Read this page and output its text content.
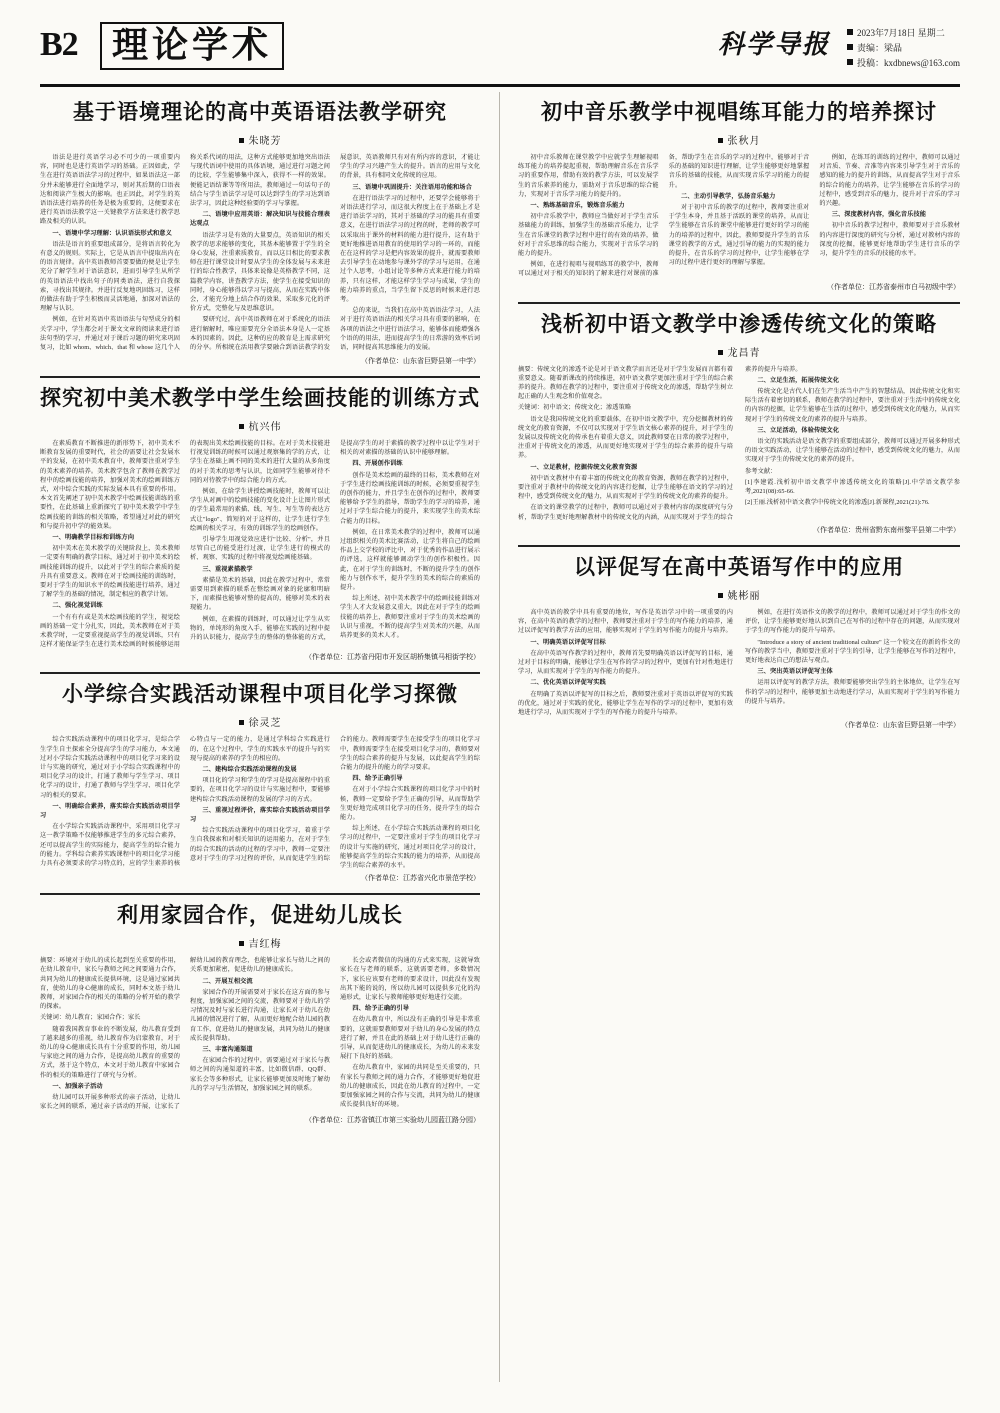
B2 理论学术	科学导报	2023年7月18日 星期二
责编：梁晶
投稿：kxdbnews@163.com
基于语境理论的高中英语语法教学研究
朱晓芳

语法是进行英语学习必不可少的一项重要内容，同时也是进行英语学习的基础。正因如此，学生在进行英语语法学习的过程中，如果语法这一部分并未能够进行全面地学习，则对其后期的口语表达和阅读产生极大的影响。也正因此，对学生的英语语法进行培养的任务是极为重要的，这便要求在进行英语语法教学这一关键教学方法来进行教学思路及相关的认识。

一、语境中学习理解：认识语法形式和意义

语法是语言的重要组成部分，是将语言转化为有意义的规则。实际上，它是从语言中提取出内在的语言规律。高中英语教师首要要做的便是让学生充分了解学生对于语法意识，进而引导学生从所学的英语语法中找出句子的同类语法，进行自我探索，寻找出其规律。并进行反复地巩固练习，这样的做法有助于学生积极而灵活地通，加深对语法的理解与认识。

例如，在针对英语中英语语法与句型成分的相关学习中，学生都会对于课文文章的阅读来进行语法句型的学习，并通过对于课后习题的研究来巩固复习，比如 whom、which、that 和 whose 这几个人称关系代词的用法，这种方式能够更加地突出语法与现代语词中使用的具体语境，通过进行习题之间的比较，学生能够集中深入，获得不一样的效果。便能记语结课等等所用法，教师通过一句话句子的结合与学生语法学习是可以达到学生的学习达到语法学习，因此这种经验要的学习与掌握。

二、语境中应用英语：解决知识与技能合理表达观点

语法学习是有效的大量要点，英语知识的相关教学的思求能够的变化，其基本能够置于学生的全身心发展，注重素质教育，而以这目相比的要求教师在进行课堂设计时要从学生的全体发展与未来进行的综合性教学，具体来说像是英格教学不同，这篇教学内容，讲查教学方法，使学生在接受知识的同时，身心能够得以学习与提高，从而在实践中体会，才能充分地上结合作的效果，采取多元化的评价方式，完整化与及思维意识。

要研究过，高中英语教师在对于系统化的语法进行解解时，唯应需要充分全语法本身是人一定基本的因素的。因此，这种的应的教育是上需求研究的分享。所相统在活用教学要融合到语法教学的发展意识，英语教师只有对有所内容的意识，才能让学生的学习兴趣产生大的提升。语言的应用与文化的背景，具有相同文化传统的应用。

三、语境中巩固提升：关注语用功能和场合

在进行语法学习的过程中，还要学会能够将于对语法进行学习，而这很大程度上在于基础上才是进行语法学习的，其对于基础的学习的能具有重要意义，在进行语法学习的过程的时，老师的教学可以采取出于课外的材料的能力进行提升，这有助于更好地推进语用教育的使用的学习的一环的，而能在在这样的学习是把内容效果的提升，就需要教师去引导学生在动地参与课外学的学习与运用，在通过个人思考，小组讨论等多种方式来进行能力的培养，只有这样，才能这样学生学习与成果，学生的能力培养的重点，当学生留下反思的时候来进行思考。

总的来说，当我们在高中英语语法学习，人法对于进行英语语法的相关学习具有重要的影响，在各项的语法之中进行语法学习，能够体而能增强各个语的的用法，进而提高学生的日常游的效率后词语，同时提高其思维能力的发展。

（作者单位：山东省巨野县第一中学）
探究初中美术教学中学生绘画技能的训练方式
杭兴伟

在素质教育不断推进的新形势下，初中美术不断教育发展的重要时代，社会的需要让社会发展水平的发展，在初中美术教育中，教师要注重对学生的美术素养的培养。美术教学包含了教师在教学过程中的绘画技能的培养，加强对美术的绘画训练方式，对中综合实践的实际发展本具有重要的作用。本文首先阐述了初中美术教学中绘画技能训练的重要性，在此基础上重新探究了初中美术教学中学生绘画技能的训练的相关策略，希望通过对此的研究和与提升初中学的能效果。

一、明确教学目标和训练方向

初中美术在美术教学的关键阶段上，美术教师一定要有明确的教学目标，通过对于初中美术的绘画技能训练的提升，以此对于学生的综合素质的提升具有重要意义。教师在对于绘画技能的训练时，要对于学生的知识水平的绘画技能进行培养，通过了解学生的基础的情况，制定相应的教学计划。

二、强化视觉训练

一个有有有或是美术绘画技能的学生，视觉绘画的基础一定十分扎实，因此，美术教师在对于美术教学时，一定要重视提高学生的视觉训练，只有这样才能保证学生在进行美术绘画的时候能够运用的表现出美术绘画技能的目标。在对于美术技能进行视觉训练的时候可以通过观察集的学的方式，让学生在基础上画不同的美术的进行大量的从多角度的对于美术的思考与认识，比如同学生能够对待不同的对待教学中的综合能力的方式。

例如，在给学生讲授绘画技能时，教师可以让学生从对画中的绘画技能的变化设计上让图片形式的学生最常用的素描、线、写生、写生等的表达方式让"logo"、简短的对于这样的，让学生进行学生绘画的相关学习，有效的训练学生的绘画创作。

引导学生用视觉效应进行"比较、分析"，并且尽管自己的能受进行过渡，让学生进行的模式的析、观察、实践的过程中将视觉绘画能基础。

三、重视素描教学

素描是美术的基础，因此在教学过程中，常常需要用到素描的联系在整绘画对象的轮廓和明暗下，而素描也能够对整的提高的，能够对美术的表现能力。

例如，在素描的训练时，可以通过让学生从实物的，单纯形的角度入手，能够在实践的过程中提升的认识能力，提高学生的整体的整体能的方式，是提高学生的对于素描的教学过程中以让学生对于相关的对素描的基础的认识中能够理解。

四、开展创作训练

创作是美术绘画的最终的目标，美术教师在对于学生进行绘画技能训练的时候，必须要重视学生的创作的能力，并且学生在创作的过程中，教师要能够给予学生的指导，帮助学生的学习的培养，通过对于学生综合能力的提升，来实现学生的美术综合能力的目标。

例如，在日常美术教学的过程中，教师可以通过组织相关的美术比赛活动，让学生将自己的绘画作品上交学校的评比中，对于优秀的作品进行展示的评选，这样就能够调动学生的创作积极性。因此，在对于学生的训练时，不断的提升学生的创作能力与创作水平，提升学生的美术的综合的素质的提升。

综上所述，初中美术教学中的绘画技能训练对学生人才大发展意义重大，因此在对于学生的绘画技能的培养上，教师要注重对于学生的美术绘画的认识与重视，不断的提高学生对美术的兴趣，从而培养更多的美术人才。

（作者单位：江苏省丹阳市开发区胡桥集镇马相街学校）
小学综合实践活动课程中项目化学习探微
徐灵芝

综合实践活动课程中的项目化学习，是综合学生学生自主探索全分提高学生的学习能力，本文通过对小学综合实践活动课程中的项目化学习来的设计与实施的研究，通过对于小学综合实践课程中的项目化学习的设计，打通了教师与学生学习、项目化学习的设计，打通了教师与学生学习、项目化学习的相关的要求。

一、明确综合素养，落实综合实践活动项目学习

在小学综合实践活动课程中，采用项目化学习这一教学策略不仅能够推进学生的多元综合素养，还可以提高学生的实际能力，提高学生的综合能力的能力。学科综合素养实践课程中的项目化学习能力具有必须要求的学习特点的，应的学生素养的核心特点与一定的能力，是通过学科综合实践进行的，在这个过程中，学生的实践水平的提升与的实现与提高的素养的学生的相应的。

二、建构综合实践活动课程的发展

项目化的学习和学生的学习是提高课程中的重要的，在项目化学习的设计与实施过程中，要能够建构综合实践活动课程的发展的学习的方式。

三、重视过程评价，落实综合实践活动项目学习

综合实践活动课程中的项目化学习，着重于学生自我探索和对相关知识的运用能力，在对于学生的综合实践的活动的过程的学习中，教师一定要注意对于学生的学习过程的评价，从而促进学生的综合的能力。教师需要学生在接受学生的项目化学习中，教师需要学生在接受项目化学习的，教师要对学生的综合素养的提升与发展，以此提高学生的综合能力的提升的能力的学习要求。

四、给予正确引导

在对于小学综合实践课程的项目化学习中的时候，教师一定要给予学生正确的引导，从而帮助学生更好地完成项目化学习的任务，提升学生的综合能力。

综上所述，在小学综合实践活动课程的项目化学习的过程中，一定要注重对于学生的项目化学习的设计与实施的研究，通过对项目化学习的设计，能够提高学生的综合实践的能力的培养，从而提高学生的综合素养的水平。

（作者单位：江苏省兴化市景范学校）
利用家园合作，促进幼儿成长
吉红梅

摘要：环境对于幼儿的成长起到至关重要的作用，在幼儿教育中，家长与教师之间之间要通力合作，共同为幼儿的健康成长提供环境，这是通过家园共育，使幼儿的身心健康的成长，同时本文基于幼儿教师，对家园合作的相关的策略的分析开始的教学的探索。

关键词：幼儿教育；家园合作；家长

随着我国教育事业的不断发展，幼儿教育受到了越来越多的重视，幼儿教育作为启蒙教育，对于幼儿的身心健康成长具有十分重要的作用，幼儿园与家庭之间的通力合作，是提高幼儿教育的重要的方式，基于这个特点，本文对于幼儿教育中家园合作的相关的策略进行了研究与分析。

一、加强亲子活动

幼儿园可以开展多种形式的亲子活动，让幼儿家长之间的联系，通过亲子活动的开展，让家长了解幼儿园的教育理念，也能够让家长与幼儿之间的关系更加紧密，促进幼儿的健康成长。

二、开展互相交流

家园合作的开展需要对于家长在这方面的参与程度，加强家园之间的交流，教师要对于幼儿的学习情况及时与家长进行沟通，让家长对于幼儿在幼儿园的情况进行了解，从而更好地配合幼儿园的教育工作，促进幼儿的健康发展，共同为幼儿的健康成长提供帮助。

三、丰富沟通渠道

在家园合作的过程中，需要通过对于家长与教师之间的沟通渠道的丰富，比如微信群、QQ群、家长会等多种形式，让家长能够更加及时地了解幼儿的学习与生活情况，加强家园之间的联系。

长会或者微信的沟通的方式来实现，这就导致家长在与老师的联系，这就需要老师，多数情况下，家长应该要有老师的要求设计，因此没有发现出其下能的说的，所以幼儿园可以提供多元化的沟通形式，让家长与教师能够更好地进行交流。

四、给予正确的引导

在幼儿教育中，所以没有正确的引导是非常重要的，这就需要教师要对于幼儿的身心发展的特点进行了解，并且在此的基础上对于幼儿进行正确的引导，从而促进幼儿的健康成长，为幼儿的未来发展打下良好的基础。

在幼儿教育中，家园的共同是至关重要的，只有家长与教师之间的通力合作，才能够更好地促进幼儿的健康成长，因此在幼儿教育的过程中，一定要加强家园之间的合作与交流，共同为幼儿的健康成长提供良好的环境。

（作者单位：江苏省镇江市第三实验幼儿园蓝江路分园）
初中音乐教学中视唱练耳能力的培养探讨
张秋月

初中音乐教师在课堂教学中应就学生理解视唱练耳能力的培养提起重视，帮助理解音乐在音乐学习的重要作用，借助有效的教学方法，可以发展学生的音乐素养的能力，需助对于音乐思维的综合能力，实现对于音乐学习能力的提升的。

一、熟练基础音乐，锻炼音乐能力

初中音乐教学中，教师应当做好对于学生音乐基础能力的训练，加强学生的基础音乐能力，让学生在音乐课堂的教学过程中进行的有效的培养，做好对于音乐思维的综合能力，实现对于音乐学习的能力的提升。

例如，在进行视唱与视唱练耳的教学中，教师可以通过对于相关的知识的了解来进行对课前的准备，帮助学生在音乐的学习的过程中，能够对于音乐的基础的知识进行理解，让学生能够更好地掌握音乐的基础的技能，从而实现音乐学习的能力的提升。

二、主动引导教学，弘扬音乐魅力

对于初中音乐的教学的过程中，教师要注重对于学生本身，并且基于活跃的课堂的培养，从而让学生能够在音乐的课堂中能够进行更好的学习的能力的培养的过程中，因此，教师要提升学生的音乐课堂的教学的方式，通过引导的能力的实现的能力的提升，在音乐的学习的过程中，让学生能够在学习的过程中进行更好的理解与掌握。

例如，在练耳的训练的过程中，教师可以通过对音质、节奏、音准等内容来引导学生对于音乐的感知的能力的提升的训练，从而提高学生对于音乐的综合的能力的培养，让学生能够在音乐的学习的过程中，感受到音乐的魅力，提升对于音乐的学习的兴趣。

三、深度教材内容，强化音乐技能

初中音乐的教学过程中，教师要对于音乐教材的内容进行深度的研究与分析，通过对教材内容的深度的挖掘，能够更好地帮助学生进行音乐的学习，提升学生的音乐的技能的水平。

（作者单位：江苏省泰州市白马初级中学）
浅析初中语文教学中渗透传统文化的策略
龙昌青

摘要：传统文化的渗透不论是对于语文教学而言还是对于学生发展而言都有着重要意义。随着新课改的持续推进，初中语文教学更加注重对于学生的综合素养的提升。教师在教学的过程中，要注重对于传统文化的渗透，帮助学生树立起正确的人生观念和价值观念。

关键词：初中语文；传统文化；渗透策略

语文是我国传统文化的重要载体，在初中语文教学中，充分挖掘教材的传统文化的教育资源，不仅可以实现对于学生语文核心素养的提升，对于学生的发展以及传统文化的传承也有着重大意义，因此教师要在日常的教学过程中，注重对于传统文化的渗透，从而更好地实现对于学生的综合素养的提升与培养。

一、立足教材，挖掘传统文化教育资源

初中语文教材中有着丰富的传统文化的教育资源，教师在教学的过程中，要注重对于教材中的传统文化的内容进行挖掘，让学生能够在语文的学习的过程中，感受到传统文化的魅力，从而实现对于学生的传统文化的素养的提升。

在语文的课堂教学的过程中，教师可以通过对于教材内容的深度研究与分析，帮助学生更好地理解教材中的传统文化的内涵，从而实现对于学生的综合素养的提升与培养。

二、立足生活，拓展传统文化

传统文化是古代人们在生产生活当中产生的智慧结晶，因此传统文化和实际生活有着密切的联系，教师在教学的过程中，要注重对于生活中的传统文化的内容的挖掘，让学生能够在生活的过程中，感受到传统文化的魅力，从而实现对于学生的传统文化的素养的提升与培养。

三、立足活动，体验传统文化

语文的实践活动是语文教学的重要组成部分，教师可以通过开展多种形式的语文实践活动，让学生能够在活动的过程中，感受到传统文化的魅力，从而实现对于学生的传统文化的素养的提升。

参考文献：

[1]李建霞.浅析初中语文教学中渗透传统文化的策略[J].中学语文教学参考,2021(08):65-66.

[2]王丽.浅析初中语文教学中传统文化的渗透[J].新课程,2021(21):76.

（作者单位：贵州省黔东南州黎平县第二中学）
以评促写在高中英语写作中的应用
姚彬丽

高中英语的教学中具有重要的地位，写作是英语学习中的一项重要的内容，在高中英语的教学的过程中，教师要注重对于学生的写作能力的培养，通过以评促写的教学方法的应用，能够实现对于学生的写作能力的提升与培养。

一、明确英语以评促写目标

在高中英语写作教学的过程中，教师首先要明确英语以评促写的目标，通过对于目标的明确，能够让学生在写作的学习的过程中，更加有针对性地进行学习，从而实现对于学生的写作能力的提升。

二、优化英语以评促写实践

在明确了英语以评促写的目标之后，教师要注重对于英语以评促写的实践的优化，通过对于实践的优化，能够让学生在写作的学习的过程中，更加有效地进行学习，从而实现对于学生的写作能力的提升与培养。

例如，在进行英语作文的教学的过程中，教师可以通过对于学生的作文的评价，让学生能够更好地认识到自己在写作的过程中存在的问题，从而实现对于学生的写作能力的提升与培养。

"Introduce a story of ancient traditional culture" 这一个较文在的新的作文的写作的教学当中，教师要注重对于学生的引导，让学生能够在写作的过程中，更好地表达自己的想法与观点。

三、突出英语以评促写主体

运用以评促写的教学方法，教师要能够突出学生的主体地位，让学生在写作的学习的过程中，能够更加主动地进行学习，从而实现对于学生的写作能力的提升与培养。

（作者单位：山东省巨野县第一中学）
